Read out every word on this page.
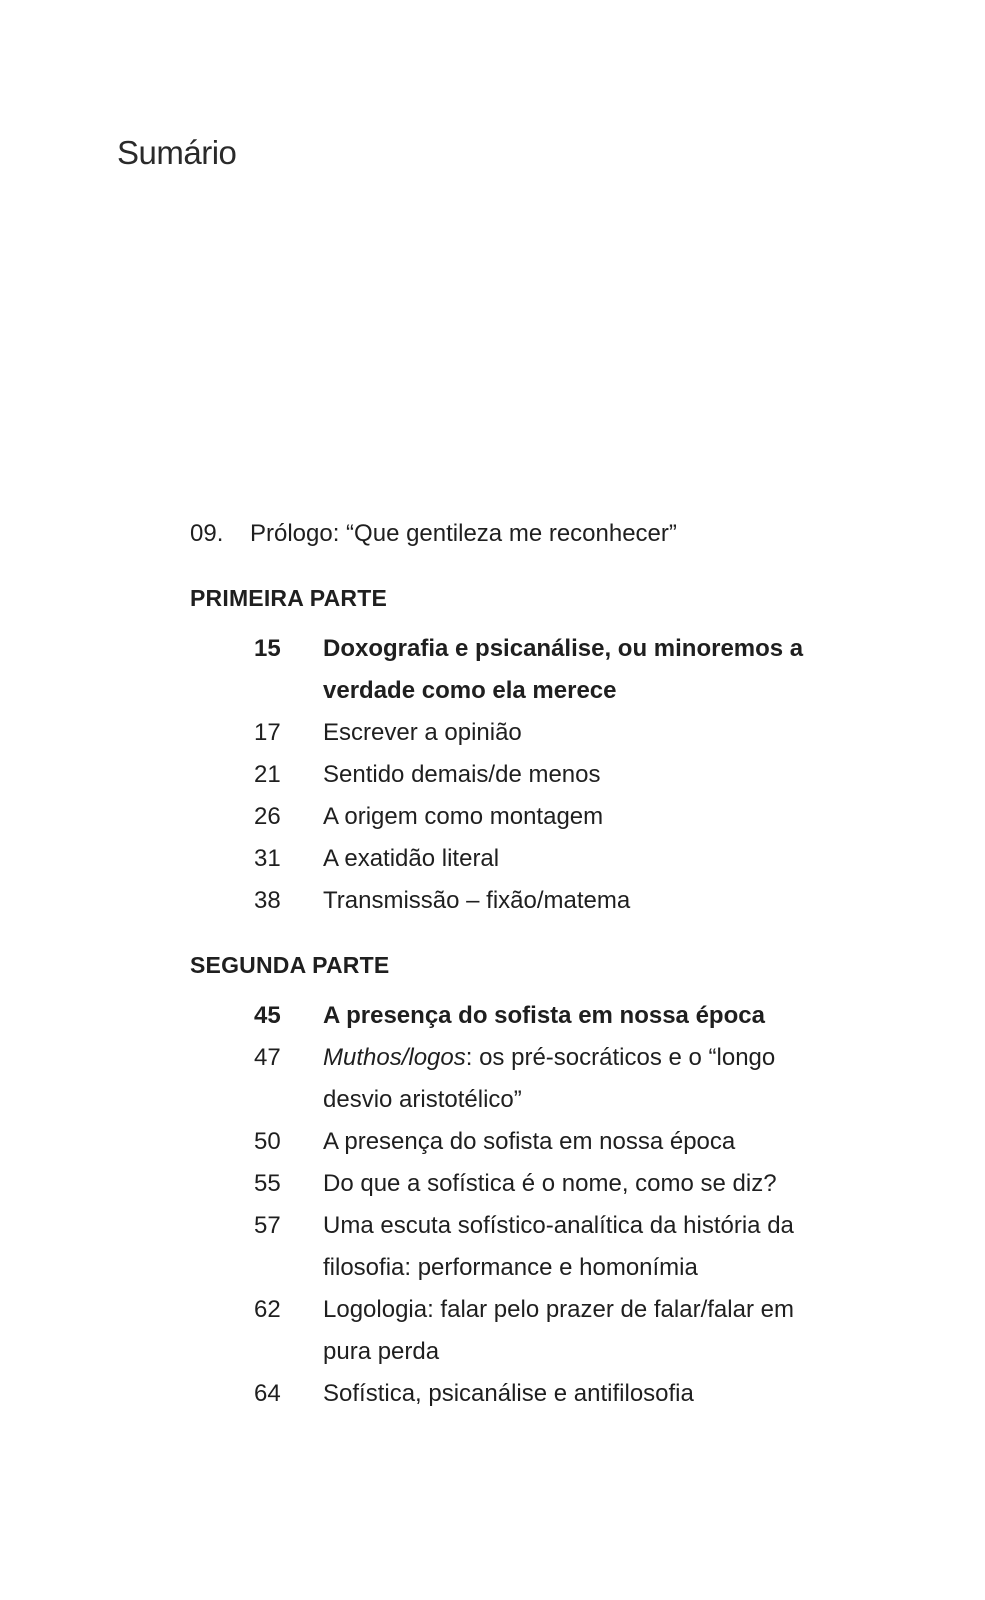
Sumário
09. Prólogo: “Que gentileza me reconhecer”
PRIMEIRA PARTE
15	Doxografia e psicanálise, ou minoremos a verdade como ela merece
17	Escrever a opinião
21	Sentido demais/de menos
26	A origem como montagem
31	A exatidão literal
38	Transmissão – fixão/matema
SEGUNDA PARTE
45	A presença do sofista em nossa época
47	Muthos/logos: os pré-socráticos e o “longo desvio aristotélico”
50	A presença do sofista em nossa época
55	Do que a sofística é o nome, como se diz?
57	Uma escuta sofístico-analítica da história da filosofia: performance e homonímia
62	Logologia: falar pelo prazer de falar/falar em pura perda
64	Sofística, psicanálise e antifilosofia
